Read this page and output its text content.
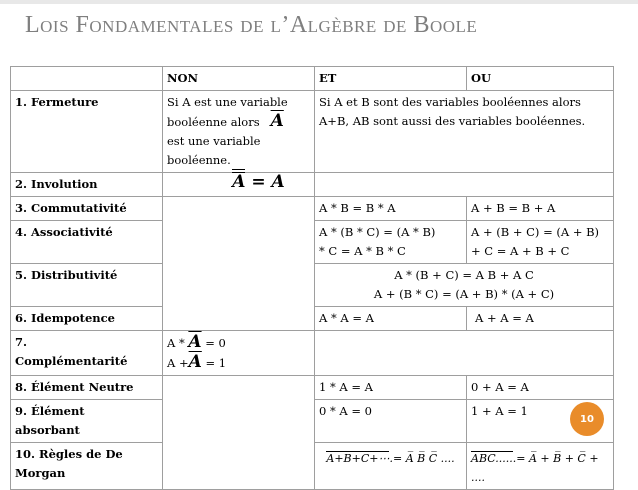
Lois Fondamentales de l’Algèbre de Boole
	NON	ET	OU
1. Fermeture	Si A est une variable
booléenne alors $\overline{A}$
est une variable
booléenne.	Si A et B sont des variables booléennes alors A+B, AB sont aussi des variables booléennes.	
2. Involution	A = A		
3. Commutativité		A * B = B * A	A + B = B + A
4. Associativité		A * (B * C) = (A * B)
* C = A * B * C	A + (B + C) = (A + B)
+ C = A + B + C
5. Distributivité		A * (B + C) = A B + A C
A + (B * C) = (A + B) * (A + C)	
6. Idempotence		A * A = A	A + A = A
7.
Complémentarité	$A * \overline{A} = 0$
$A +\overline{A} = 1$		
8. Élément Neutre		1 * A = A	0 + A = A
9. Élément
absorbant		0 * A = 0	1 + A = 1
10. Règles de De
Morgan		A+B+C+⋯.= A̅ B̅ C̅ ....	ABC......= A̅ + B̅ + C̅ + ....
10
